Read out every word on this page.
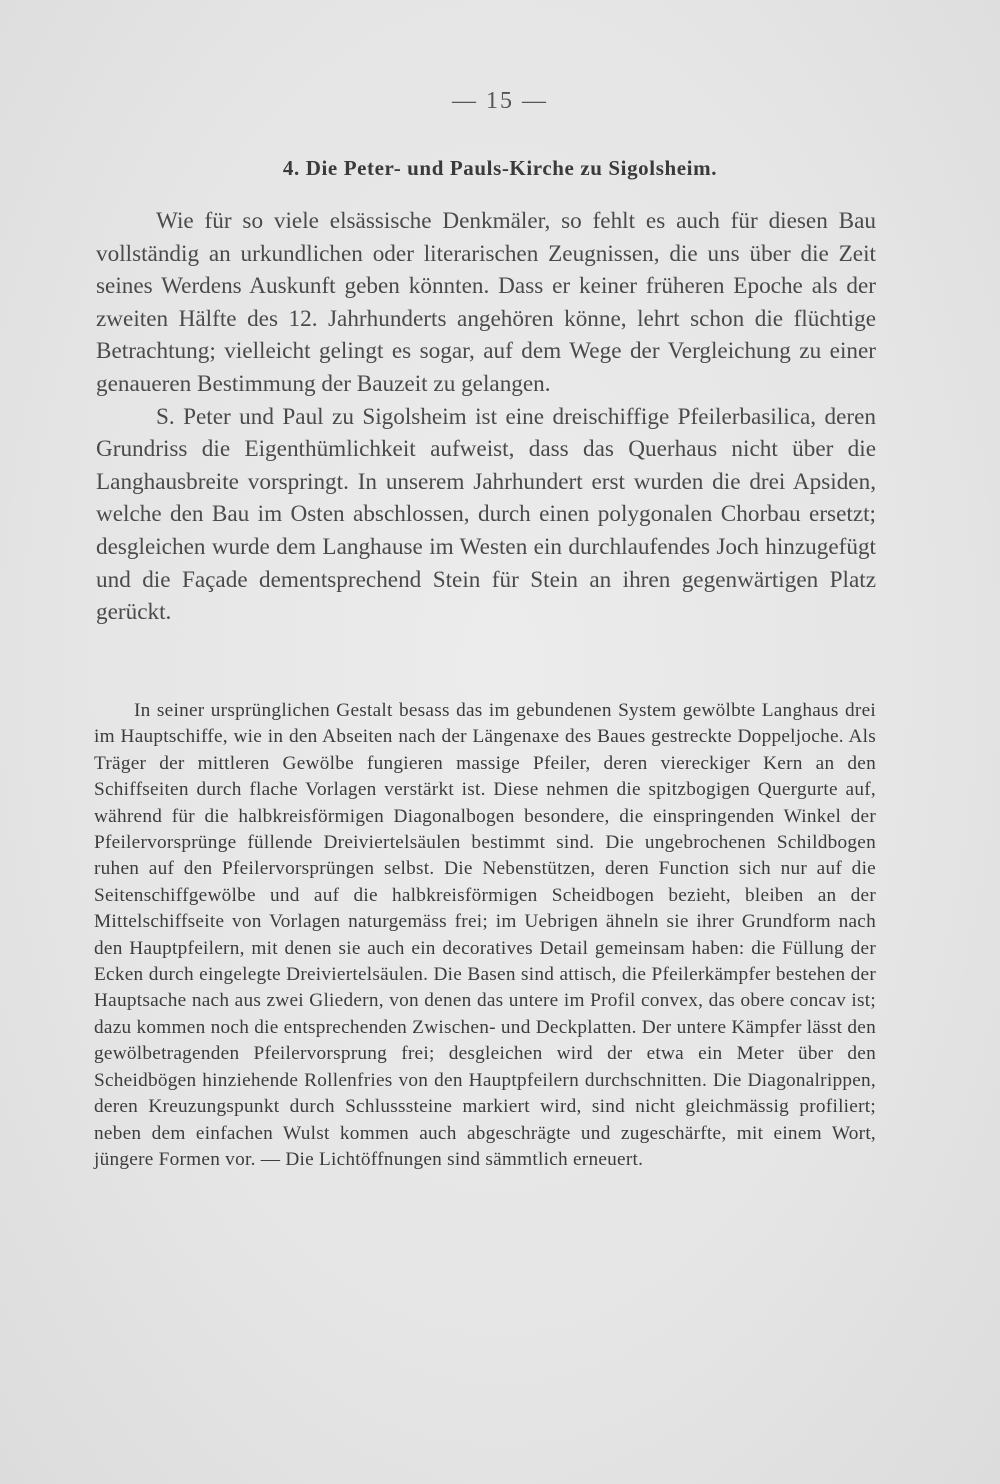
— 15 —
4. Die Peter- und Pauls-Kirche zu Sigolsheim.

Wie für so viele elsässische Denkmäler, so fehlt es auch für diesen Bau vollständig an urkundlichen oder literarischen Zeugnissen, die uns über die Zeit seines Werdens Auskunft geben könnten. Dass er keiner früheren Epoche als der zweiten Hälfte des 12. Jahrhunderts angehören könne, lehrt schon die flüchtige Betrachtung; vielleicht gelingt es sogar, auf dem Wege der Vergleichung zu einer genaueren Bestimmung der Bauzeit zu gelangen.

S. Peter und Paul zu Sigolsheim ist eine dreischiffige Pfeilerbasilica, deren Grundriss die Eigenthümlichkeit aufweist, dass das Querhaus nicht über die Langhausbreite vorspringt. In unserem Jahrhundert erst wurden die drei Apsiden, welche den Bau im Osten abschlossen, durch einen polygonalen Chorbau ersetzt; desgleichen wurde dem Langhause im Westen ein durchlaufendes Joch hinzugefügt und die Façade dementsprechend Stein für Stein an ihren gegenwärtigen Platz gerückt.

In seiner ursprünglichen Gestalt besass das im gebundenen System gewölbte Langhaus drei im Hauptschiffe, wie in den Abseiten nach der Längenaxe des Baues gestreckte Doppeljoche. Als Träger der mittleren Gewölbe fungieren massige Pfeiler, deren viereckiger Kern an den Schiffseiten durch flache Vorlagen verstärkt ist. Diese nehmen die spitzbogigen Quergurte auf, während für die halbkreisförmigen Diagonalbogen besondere, die einspringenden Winkel der Pfeilervorsprünge füllende Dreiviertelsäulen bestimmt sind. Die ungebrochenen Schildbogen ruhen auf den Pfeilervorsprüngen selbst. Die Nebenstützen, deren Function sich nur auf die Seitenschiffgewölbe und auf die halbkreisförmigen Scheidbogen bezieht, bleiben an der Mittelschiffseite von Vorlagen naturgemäss frei; im Uebrigen ähneln sie ihrer Grundform nach den Hauptpfeilern, mit denen sie auch ein decoratives Detail gemeinsam haben: die Füllung der Ecken durch eingelegte Dreiviertelsäulen. Die Basen sind attisch, die Pfeilerkämpfer bestehen der Hauptsache nach aus zwei Gliedern, von denen das untere im Profil convex, das obere concav ist; dazu kommen noch die entsprechenden Zwischen- und Deckplatten. Der untere Kämpfer lässt den gewölbetragenden Pfeilervorsprung frei; desgleichen wird der etwa ein Meter über den Scheidbögen hinziehende Rollenfries von den Hauptpfeilern durchschnitten. Die Diagonalrippen, deren Kreuzungspunkt durch Schlusssteine markiert wird, sind nicht gleichmässig profiliert; neben dem einfachen Wulst kommen auch abgeschrägte und zugeschärfte, mit einem Wort, jüngere Formen vor. — Die Lichtöffnungen sind sämmtlich erneuert.
